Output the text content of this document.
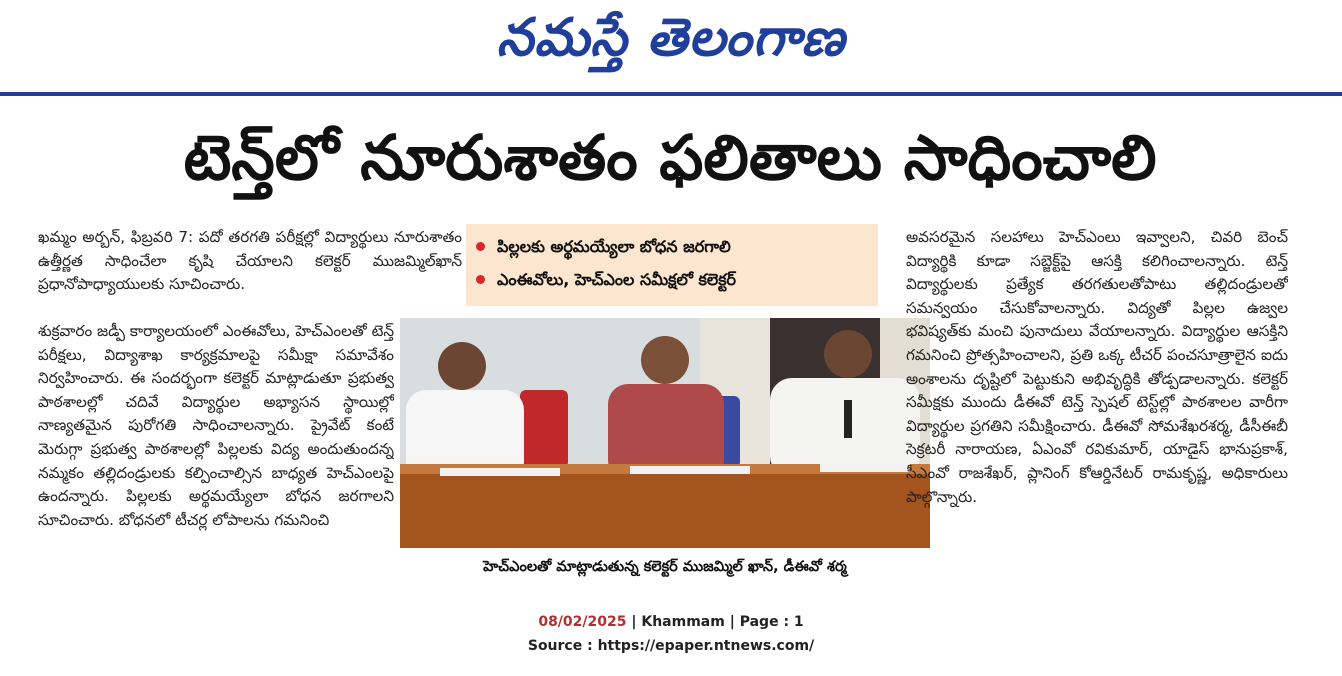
నమస్తే తెలంగాణ
టెన్త్‌లో నూరుశాతం ఫలితాలు సాధించాలి

ఖమ్మం అర్బన్, ఫిబ్రవరి 7: పదో తరగతి పరీక్షల్లో విద్యార్థులు నూరుశాతం ఉత్తీర్ణత సాధించేలా కృషి చేయాలని కలెక్టర్ ముజమ్మిల్‌ఖాన్ ప్రధానోపాధ్యాయులకు సూచించారు.

పిల్లలకు అర్థమయ్యేలా బోధన జరగాలి
ఎంఈవోలు, హెచ్‌ఎంల సమీక్షలో కలెక్టర్

శుక్రవారం జడ్పీ కార్యాలయంలో ఎంఈవోలు, హెచ్‌ఎంలతో టెన్త్ పరీక్షలు, విద్యాశాఖ కార్యక్రమాలపై సమీక్షా సమావేశం నిర్వహించారు. ఈ సందర్భంగా కలెక్టర్ మాట్లాడుతూ ప్రభుత్వ పాఠశాలల్లో చదివే విద్యార్థుల అభ్యాసన స్థాయిల్లో నాణ్యతమైన పురోగతి సాధించాలన్నారు. ప్రైవేట్ కంటే మెరుగ్గా ప్రభుత్వ పాఠశాలల్లో పిల్లలకు విద్య అందుతుందన్న నమ్మకం తల్లిదండ్రులకు కల్పించాల్సిన బాధ్యత హెచ్‌ఎంలపై ఉందన్నారు. పిల్లలకు అర్థమయ్యేలా బోధన జరగాలని సూచించారు. బోధనలో టీచర్ల లోపాలను గమనించి

హెచ్‌ఎంలతో మాట్లాడుతున్న కలెక్టర్ ముజమ్మిల్ ఖాన్, డీఈవో శర్మ

అవసరమైన సలహాలు హెచ్‌ఎంలు ఇవ్వాలని, చివరి బెంచ్ విద్యార్థికి కూడా సబ్జెక్ట్‌పై ఆసక్తి కలిగించాలన్నారు. టెన్త్ విద్యార్థులకు ప్రత్యేక తరగతులతోపాటు తల్లిదండ్రులతో సమన్వయం చేసుకోవాలన్నారు. విద్యతో పిల్లల ఉజ్వల భవిష్యత్‌కు మంచి పునాదులు వేయాలన్నారు. విద్యార్థుల ఆసక్తిని గమనించి ప్రోత్సహించాలని, ప్రతి ఒక్క టీచర్ పంచసూత్రాలైన ఐదు అంశాలను దృష్టిలో పెట్టుకుని అభివృద్ధికి తోడ్పడాలన్నారు. కలెక్టర్ సమీక్షకు ముందు డీఈవో టెన్త్ స్పెషల్ టెస్ట్‌ల్లో పాఠశాలల వారీగా విద్యార్థుల ప్రగతిని సమీక్షించారు. డీఈవో సోమశేఖరశర్మ, డీసీఈబీ సెక్రటరీ నారాయణ, ఏఎంవో రవికుమార్, యాడైస్ భానుప్రకాశ్, సీఎంవో రాజశేఖర్, ప్లానింగ్ కోఆర్డినేటర్ రామకృష్ణ, అధికారులు పాల్గొన్నారు.

08/02/2025 | Khammam | Page : 1
Source : https://epaper.ntnews.com/
